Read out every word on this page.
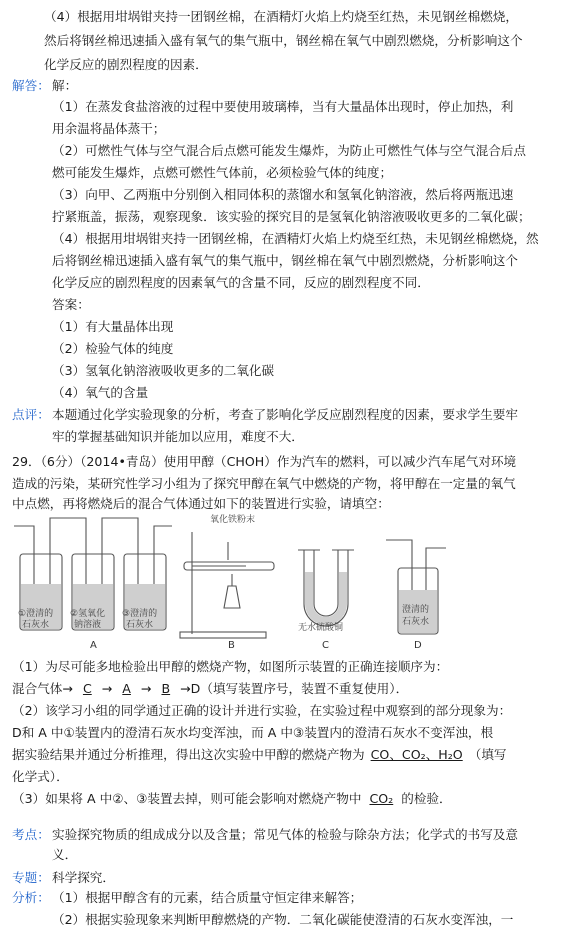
（4）根据用坩埚钳夹持一团钢丝棉，在酒精灯火焰上灼烧至红热，未见钢丝棉燃烧，
然后将钢丝棉迅速插入盛有氧气的集气瓶中，钢丝棉在氧气中剧烈燃烧，分析影响这个
化学反应的剧烈程度的因素．
解答： 解：
（1）在蒸发食盐溶液的过程中要使用玻璃棒，当有大量晶体出现时，停止加热，利
用余温将晶体蒸干；
（2）可燃性气体与空气混合后点燃可能发生爆炸，为防止可燃性气体与空气混合后点
燃可能发生爆炸，点燃可燃性气体前，必须检验气体的纯度；
（3）向甲、乙两瓶中分别倒入相同体积的蒸馏水和氢氧化钠溶液，然后将两瓶迅速
拧紧瓶盖，振荡，观察现象．该实验的探究目的是氢氧化钠溶液吸收更多的二氧化碳；
（4）根据用坩埚钳夹持一团钢丝棉，在酒精灯火焰上灼烧至红热，未见钢丝棉燃烧，然
后将钢丝棉迅速插入盛有氧气的集气瓶中，钢丝棉在氧气中剧烈燃烧，分析影响这个
化学反应的剧烈程度的因素氧气的含量不同，反应的剧烈程度不同．
答案：
（1）有大量晶体出现
（2）检验气体的纯度
（3）氢氧化钠溶液吸收更多的二氧化碳
（4）氧气的含量
点评： 本题通过化学实验现象的分析，考查了影响化学反应剧烈程度的因素，要求学生要牢
牢的掌握基础知识并能加以应用，难度不大．
29．（6分）（2014•青岛）使用甲醇（CHOH）作为汽车的燃料，可以减少汽车尾气对环境
造成的污染，某研究性学习小组为了探究甲醇在氧气中燃烧的产物，将甲醇在一定量的氧气
中点燃，再将燃烧后的混合气体通过如下的装置进行实验，请填空：
①澄清的
石灰水
②氢氧化
钠溶液
③澄清的
石灰水
氧化铁粉末
无水硫酸铜
澄清的
石灰水
A	B	C	D
（1）为尽可能多地检验出甲醇的燃烧产物，如图所示装置的正确连接顺序为：
混合气体→ C → A → B →D（填写装置序号，装置不重复使用）．
（2）该学习小组的同学通过正确的设计并进行实验，在实验过程中观察到的部分现象为：
D和 A 中①装置内的澄清石灰水均变浑浊，而 A 中③装置内的澄清石灰水不变浑浊，根
据实验结果并通过分析推理，得出这次实验中甲醇的燃烧产物为 CO、CO₂、H₂O （填写
化学式）．
（3）如果将 A 中②、③装置去掉，则可能会影响对燃烧产物中 CO₂ 的检验．
考点： 实验探究物质的组成成分以及含量；常见气体的检验与除杂方法；化学式的书写及意
义．
专题： 科学探究．
分析： （1）根据甲醇含有的元素，结合质量守恒定律来解答；
（2）根据实验现象来判断甲醇燃烧的产物．二氧化碳能使澄清的石灰水变浑浊，一
